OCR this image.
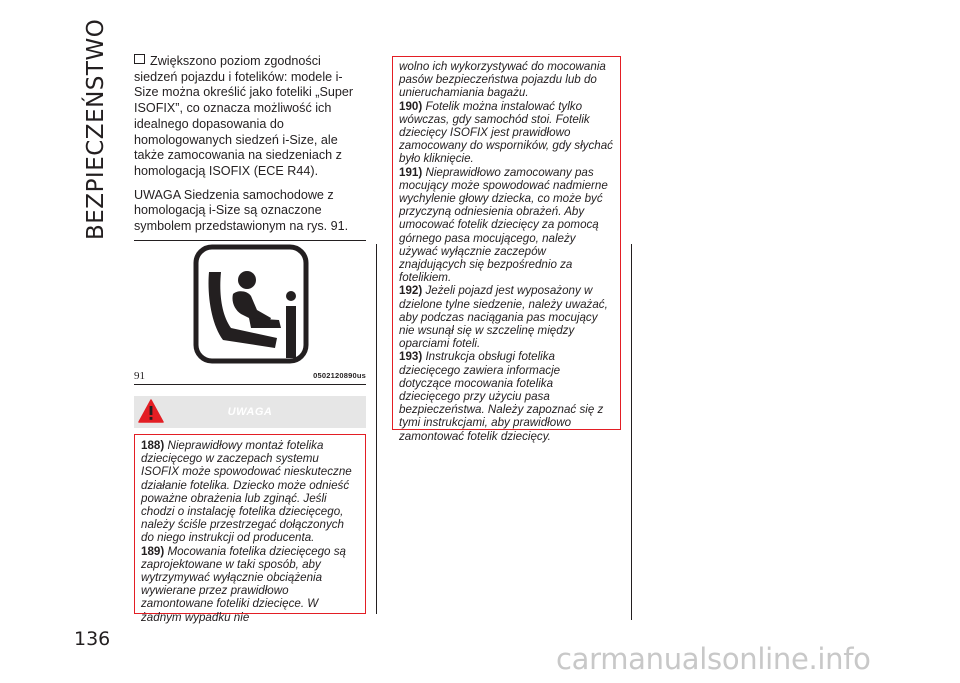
BEZPIECZEŃSTWO
136

Zwiększono poziom zgodności siedzeń pojazdu i fotelików: modele i-Size można określić jako foteliki „Super ISOFIX”, co oznacza możliwość ich idealnego dopasowania do homologowanych siedzeń i-Size, ale także zamocowania na siedzeniach z homologacją ISOFIX (ECE R44).

UWAGA Siedzenia samochodowe z homologacją i-Size są oznaczone symbolem przedstawionym na rys. 91.

91	0502120890us
UWAGA

188) Nieprawidłowy montaż fotelika dziecięcego w zaczepach systemu ISOFIX może spowodować nieskuteczne działanie fotelika. Dziecko może odnieść poważne obrażenia lub zginąć. Jeśli chodzi o instalację fotelika dziecięcego, należy ściśle przestrzegać dołączonych do niego instrukcji od producenta.

189) Mocowania fotelika dziecięcego są zaprojektowane w taki sposób, aby wytrzymywać wyłącznie obciążenia wywierane przez prawidłowo zamontowane foteliki dziecięce. W żadnym wypadku nie

wolno ich wykorzystywać do mocowania pasów bezpieczeństwa pojazdu lub do unieruchamiania bagażu.

190) Fotelik można instalować tylko wówczas, gdy samochód stoi. Fotelik dziecięcy ISOFIX jest prawidłowo zamocowany do wsporników, gdy słychać było kliknięcie.

191) Nieprawidłowo zamocowany pas mocujący może spowodować nadmierne wychylenie głowy dziecka, co może być przyczyną odniesienia obrażeń. Aby umocować fotelik dziecięcy za pomocą górnego pasa mocującego, należy używać wyłącznie zaczepów znajdujących się bezpośrednio za fotelikiem.

192) Jeżeli pojazd jest wyposażony w dzielone tylne siedzenie, należy uważać, aby podczas naciągania pas mocujący nie wsunął się w szczelinę między oparciami foteli.

193) Instrukcja obsługi fotelika dziecięcego zawiera informacje dotyczące mocowania fotelika dziecięcego przy użyciu pasa bezpieczeństwa. Należy zapoznać się z tymi instrukcjami, aby prawidłowo zamontować fotelik dziecięcy.

carmanualsonline.info
